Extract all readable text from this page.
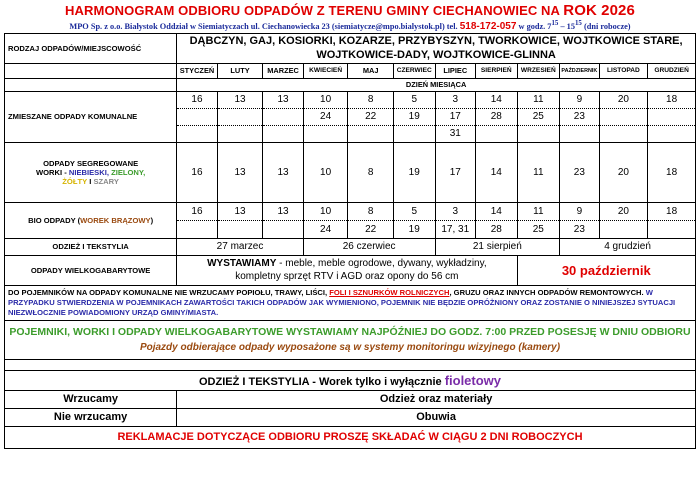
HARMONOGRAM ODBIORU ODPADÓW Z TERENU GMINY CIECHANOWIEC NA ROK 2026
MPO Sp. z o.o. Białystok Oddział w Siemiatyczach ul. Ciechanowiecka 23 (siemiatycze@mpo.bialystok.pl) tel. 518-172-057 w godz. $7^{15} - 15^{15}$ (dni robocze)
RODZAJ ODPADÓW/MIEJSCOWOŚĆ	DĄBCZYN, GAJ, KOSIORKI, KOZARZE, PRZYBYSZYN, TWORKOWICE, WOJTKOWICE STARE, WOJTKOWICE-DADY, WOJTKOWICE-GLINNA											
	STYCZEŃ	LUTY	MARZEC	KWIECIEŃ	MAJ	CZERWIEC	LIPIEC	SIERPIEŃ	WRZESIEŃ	PAŹDZIERNIK	LISTOPAD	GRUDZIEŃ
	DZIEŃ MIESIĄCA											
ZMIESZANE ODPADY KOMUNALNE	16	13	13	10	8	5	3	14	11	9	20	18
				24	22	19	17	28	25	23		
							31					

ODPADY SEGREGOWANE
WORKI - NIEBIESKI, ZIELONY,
ŻÓŁTY I SZARY	16	13	13	10	8	19	17	14	11	23	20	18
BIO ODPADY (WOREK BRĄZOWY)	16	13	13	10	8	5	3	14	11	9	20	18
				24	22	19	17, 31	28	25	23		
ODZIEŻ I TEKSTYLIA	27 marzec			26 czerwiec			21 sierpień			4 grudzień		
ODPADY WIELKOGABARYTOWE	WYSTAWIAMY - meble, meble ogrodowe, dywany, wykładziny, kompletny sprzęt RTV i AGD oraz opony do 56 cm								30 październik			
DO POJEMNIKÓW NA ODPADY KOMUNALNE NIE WRZUCAMY POPIOŁU, TRAWY, LIŚCI, FOLI I SZNURKÓW ROLNICZYCH, GRUZU ORAZ INNYCH ODPADÓW REMONTOWYCH. W PRZYPADKU STWIERDZENIA W POJEMNIKACH ZAWARTOŚCI TAKICH ODPADÓW JAK WYMIENIONO, POJEMNIK NIE BĘDZIE OPRÓŻNIONY ORAZ ZOSTANIE O NINIEJSZEJ SYTUACJI NIEZWŁOCZNIE POWIADOMIONY URZĄD GMINY/MIASTA.												
POJEMNIKI, WORKI I ODPADY WIELKOGABARYTOWE WYSTAWIAMY NAJPÓŹNIEJ DO GODZ. 7:00 PRZED POSESJĘ W DNIU ODBIORU Pojazdy odbierające odpady wyposażone są w systemy monitoringu wizyjnego (kamery)												

ODZIEŻ I TEKSTYLIA - Worek tylko i wyłącznie fioletowy												
Wrzucamy	Odzież oraz materiały											
Nie wrzucamy	Obuwia											
REKLAMACJE DOTYCZĄCE ODBIORU PROSZĘ SKŁADAĆ W CIĄGU 2 DNI ROBOCZYCH												
